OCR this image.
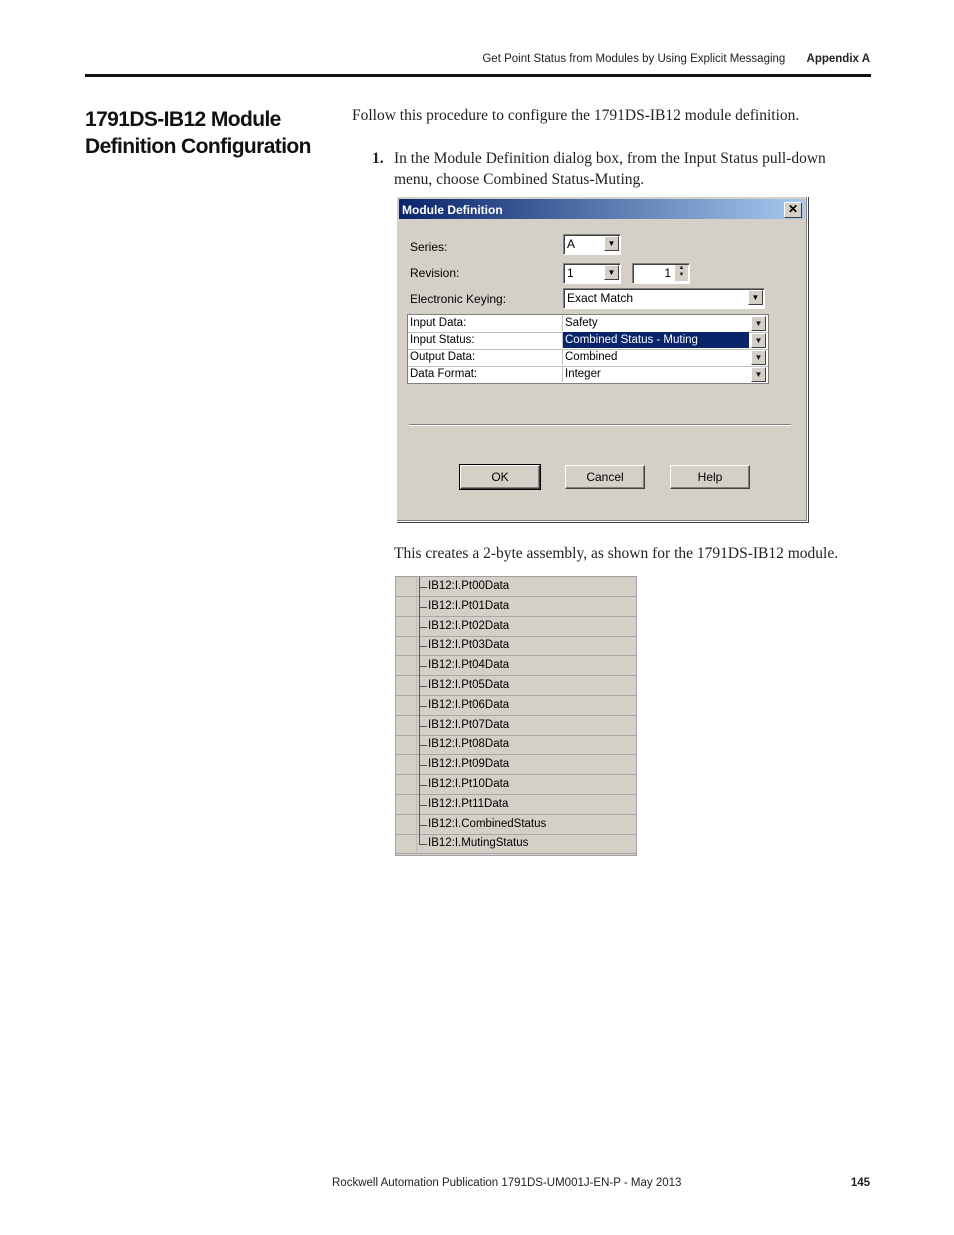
Get Point Status from Modules by Using Explicit Messaging Appendix A
1791DS-IB12 Module Definition Configuration
Follow this procedure to configure the 1791DS-IB12 module definition.
1. In the Module Definition dialog box, from the Input Status pull-down menu, choose Combined Status-Muting.
Module Definition	✕
Series:	A	▼
Revision:	1	▼	1	▲
▼
Electronic Keying:	Exact Match	▼
Input Data:	Safety	▼
Input Status:	Combined Status - Muting	▼
Output Data:	Combined	▼
Data Format:	Integer	▼
OK	Cancel	Help
This creates a 2-byte assembly, as shown for the 1791DS-IB12 module.
IB12:I.Pt00Data
IB12:I.Pt01Data
IB12:I.Pt02Data
IB12:I.Pt03Data
IB12:I.Pt04Data
IB12:I.Pt05Data
IB12:I.Pt06Data
IB12:I.Pt07Data
IB12:I.Pt08Data
IB12:I.Pt09Data
IB12:I.Pt10Data
IB12:I.Pt11Data
IB12:I.CombinedStatus
IB12:I.MutingStatus
Rockwell Automation Publication 1791DS-UM001J-EN-P - May 2013	145
